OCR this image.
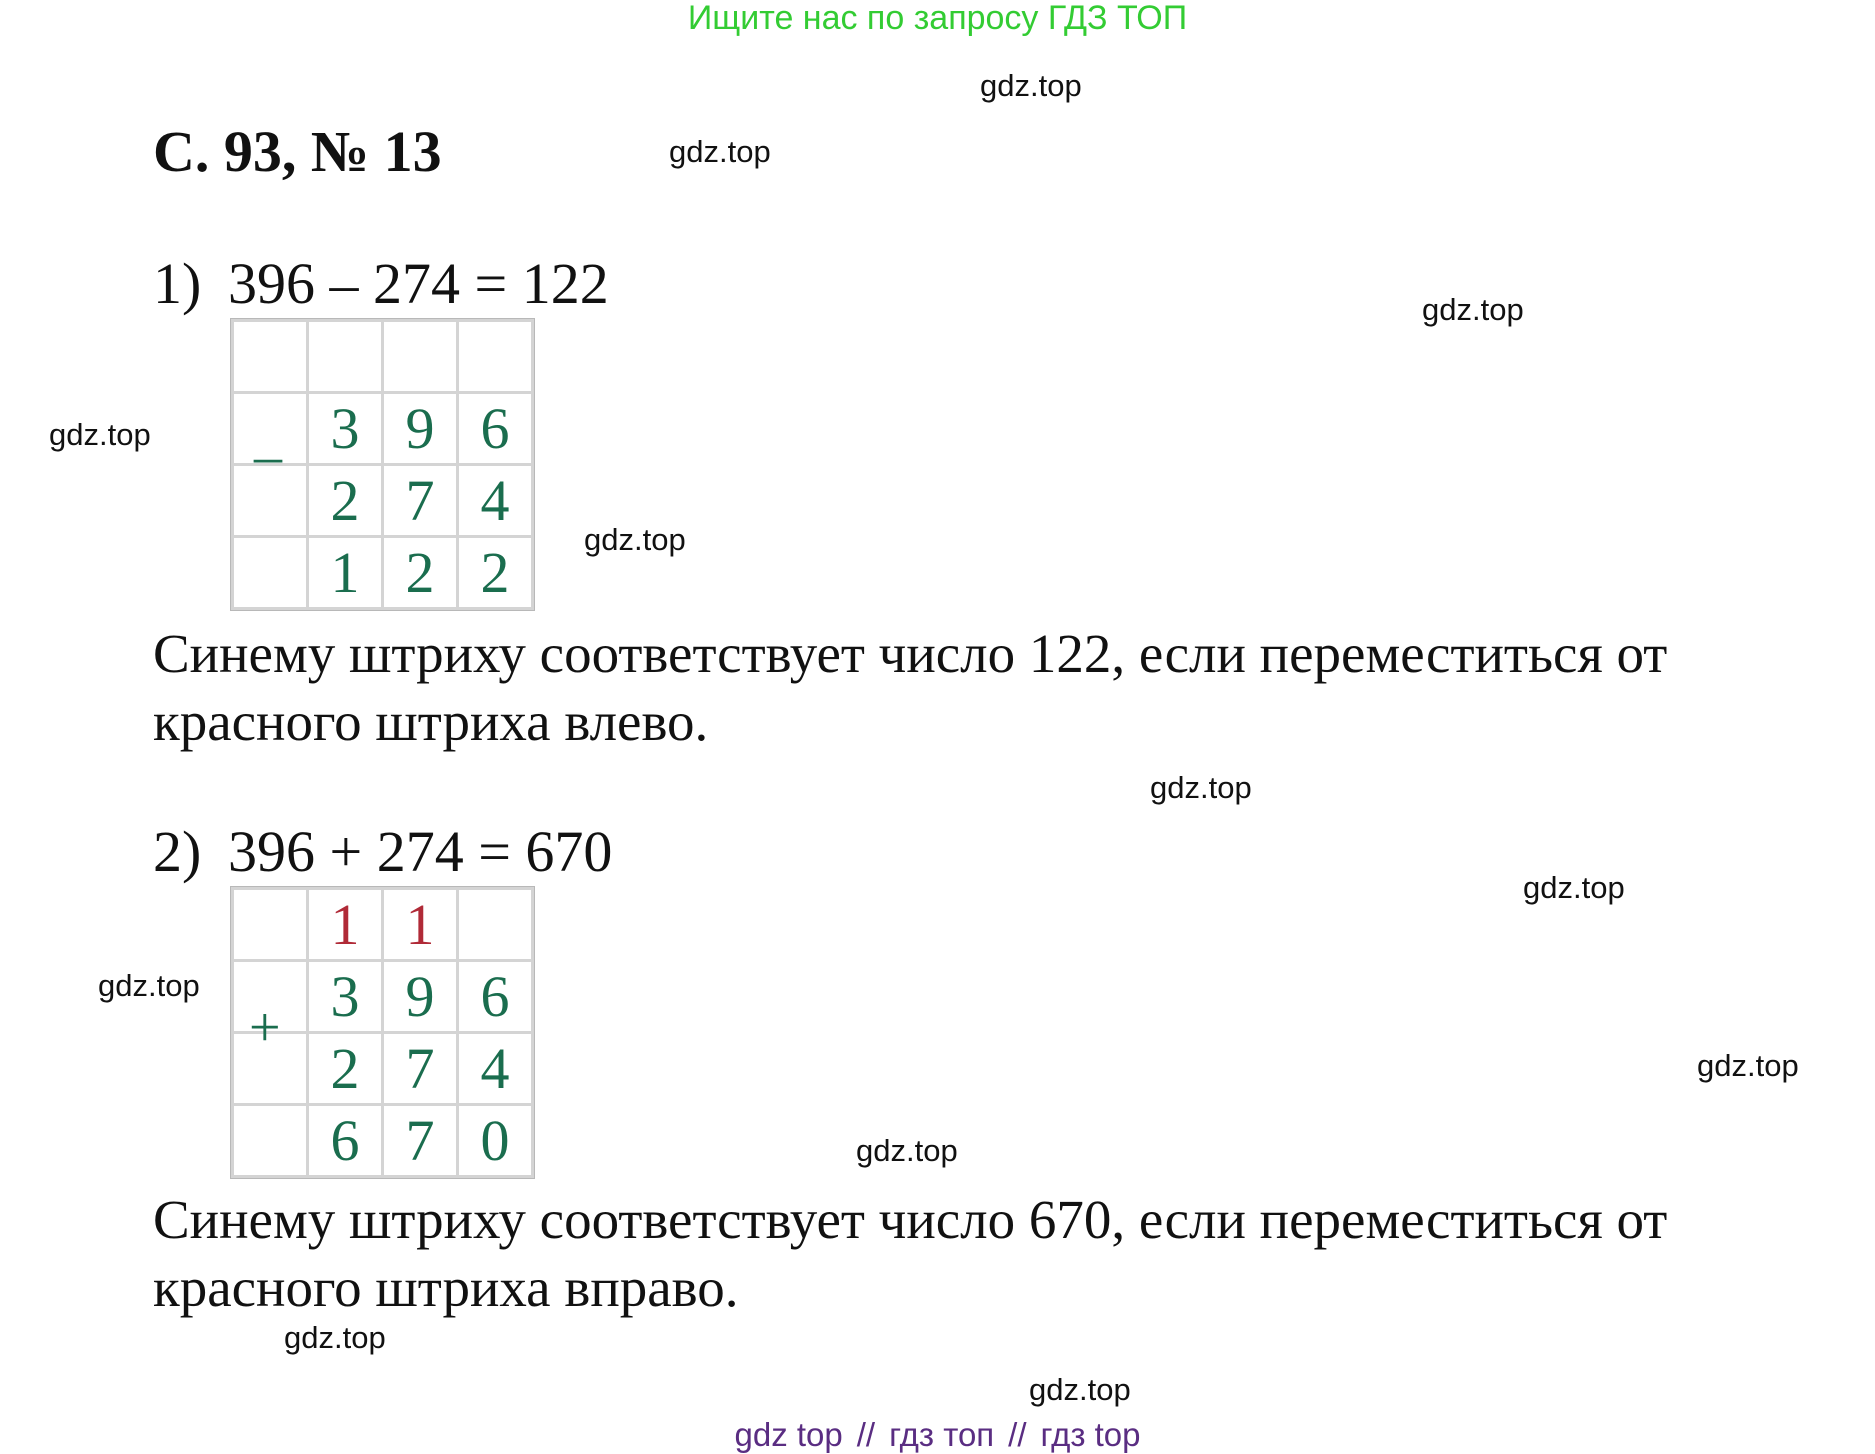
Ищите нас по запросу ГДЗ ТОП
С. 93, № 13
gdz.top
gdz.top
gdz.top
gdz.top
gdz.top
gdz.top
gdz.top
gdz.top
gdz.top
gdz.top
gdz.top
gdz.top
1) 396 – 274 = 122

	3	9	6
	2	7	4
	1	2	2
–
Синему штриху соответствует число 122, если переместиться от
красного штриха влево.
2) 396 + 274 = 670
	1	1	
	3	9	6
	2	7	4
	6	7	0
+
Синему штриху соответствует число 670, если переместиться от
красного штриха вправо.
gdz top // гдз топ // гдз top
